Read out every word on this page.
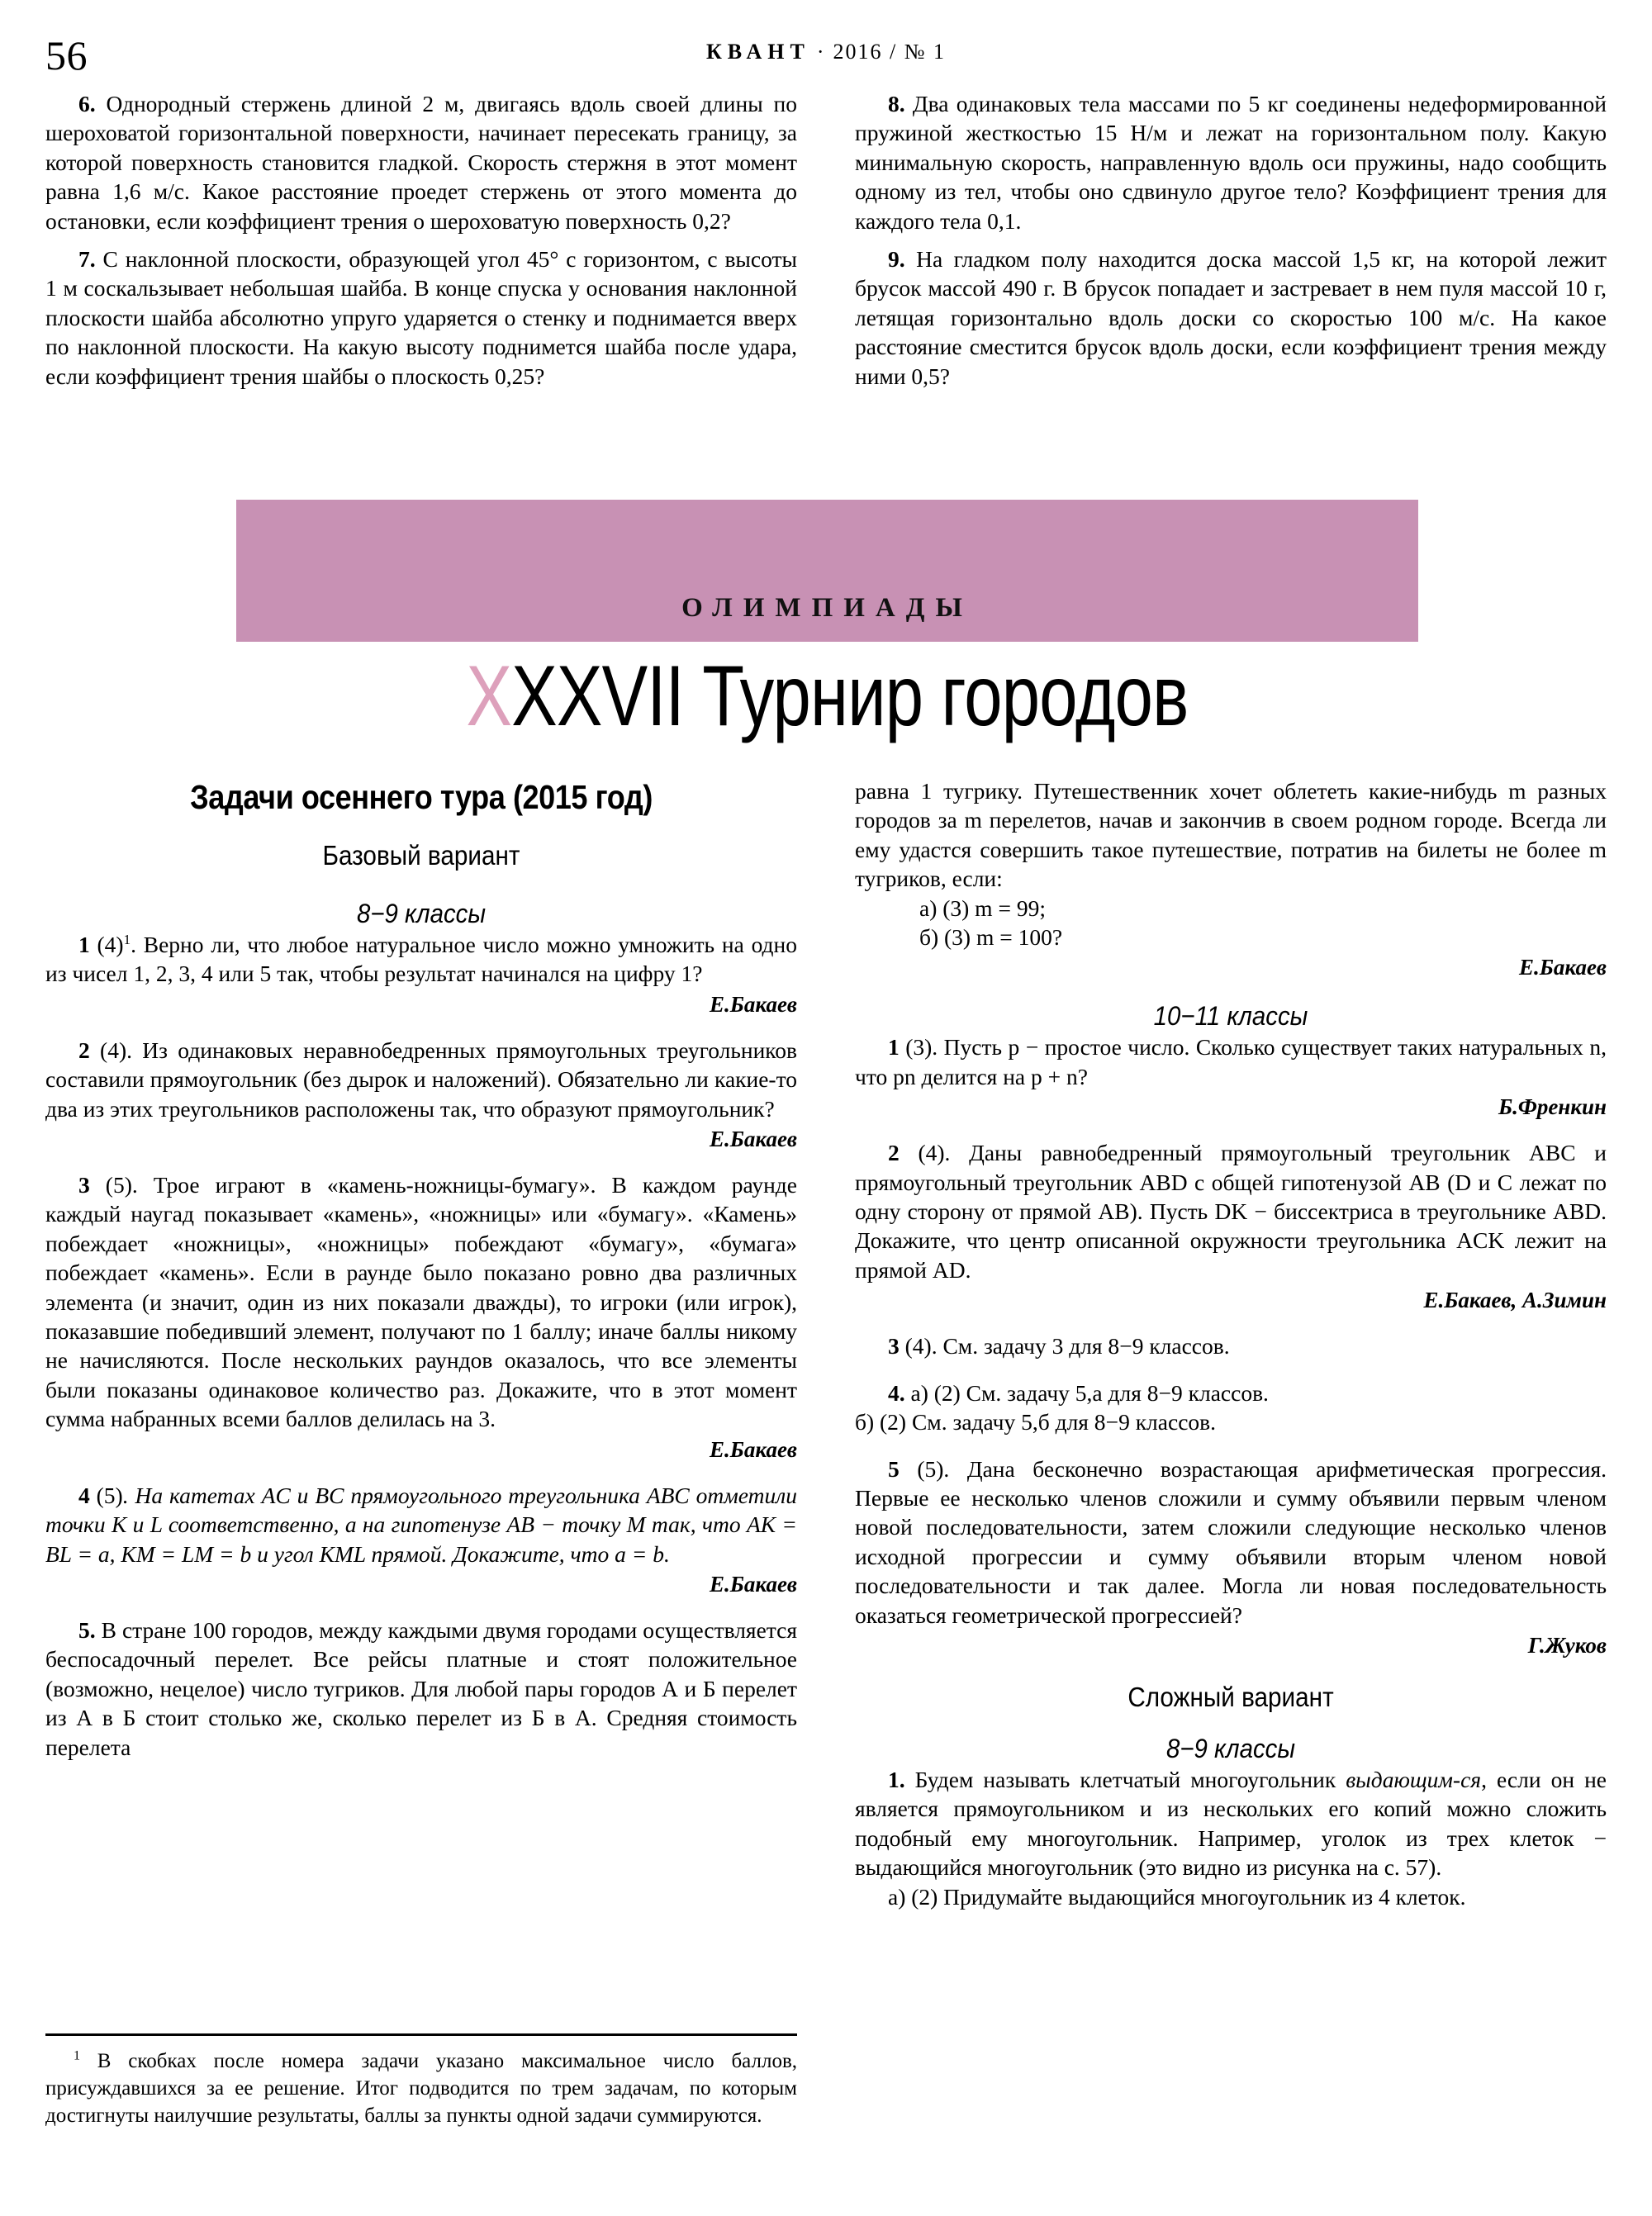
56	КВАНТ · 2016 / № 1

6. Однородный стержень длиной 2 м, двигаясь вдоль своей длины по шероховатой горизонтальной поверхности, начинает пересекать границу, за которой поверхность становится гладкой. Скорость стержня в этот момент равна 1,6 м/с. Какое расстояние проедет стержень от этого момента до остановки, если коэффициент трения о шероховатую поверхность 0,2?

7. С наклонной плоскости, образующей угол 45° с горизонтом, с высоты 1 м соскальзывает небольшая шайба. В конце спуска у основания наклонной плоскости шайба абсолютно упруго ударяется о стенку и поднимается вверх по наклонной плоскости. На какую высоту поднимется шайба после удара, если коэффициент трения шайбы о плоскость 0,25?

8. Два одинаковых тела массами по 5 кг соединены недеформированной пружиной жесткостью 15 Н/м и лежат на горизонтальном полу. Какую минимальную скорость, направленную вдоль оси пружины, надо сообщить одному из тел, чтобы оно сдвинуло другое тело? Коэффициент трения для каждого тела 0,1.

9. На гладком полу находится доска массой 1,5 кг, на которой лежит брусок массой 490 г. В брусок попадает и застревает в нем пуля массой 10 г, летящая горизонтально вдоль доски со скоростью 100 м/с. На какое расстояние сместится брусок вдоль доски, если коэффициент трения между ними 0,5?

ОЛИМПИАДЫ
XXXVII Турнир городов
Задачи осеннего тура (2015 год)
Базовый вариант
8−9 классы

1 (4)$^1$. Верно ли, что любое натуральное число можно умножить на одно из чисел 1, 2, 3, 4 или 5 так, чтобы результат начинался на цифру 1?

Е.Бакаев

2 (4). Из одинаковых неравнобедренных прямоугольных треугольников составили прямоугольник (без дырок и наложений). Обязательно ли какие-то два из этих треугольников расположены так, что образуют прямоугольник?

Е.Бакаев

3 (5). Трое играют в «камень-ножницы-бумагу». В каждом раунде каждый наугад показывает «камень», «ножницы» или «бумагу». «Камень» побеждает «ножницы», «ножницы» побеждают «бумагу», «бумага» побеждает «камень». Если в раунде было показано ровно два различных элемента (и значит, один из них показали дважды), то игроки (или игрок), показавшие победивший элемент, получают по 1 баллу; иначе баллы никому не начисляются. После нескольких раундов оказалось, что все элементы были показаны одинаковое количество раз. Докажите, что в этот момент сумма набранных всеми баллов делилась на 3.

Е.Бакаев

4 (5). На катетах AC и BC прямоугольного треугольника ABC отметили точки K и L соответственно, а на гипотенузе AB − точку M так, что AK = BL = a, KM = LM = b и угол KML прямой. Докажите, что a = b.

Е.Бакаев

5. В стране 100 городов, между каждыми двумя городами осуществляется беспосадочный перелет. Все рейсы платные и стоят положительное (возможно, нецелое) число тугриков. Для любой пары городов А и Б перелет из А в Б стоит столько же, сколько перелет из Б в А. Средняя стоимость перелета

равна 1 тугрику. Путешественник хочет облететь какие-нибудь m разных городов за m перелетов, начав и закончив в своем родном городе. Всегда ли ему удастся совершить такое путешествие, потратив на билеты не более m тугриков, если:

а) (3) m = 99;

б) (3) m = 100?

Е.Бакаев

10−11 классы

1 (3). Пусть p − простое число. Сколько существует таких натуральных n, что pn делится на p + n?

Б.Френкин

2 (4). Даны равнобедренный прямоугольный треугольник ABC и прямоугольный треугольник ABD с общей гипотенузой AB (D и C лежат по одну сторону от прямой AB). Пусть DK − биссектриса в треугольнике ABD. Докажите, что центр описанной окружности треугольника ACK лежит на прямой AD.

Е.Бакаев, А.Зимин

3 (4). См. задачу 3 для 8−9 классов.

4. а) (2) См. задачу 5,а для 8−9 классов.

б) (2) См. задачу 5,б для 8−9 классов.

5 (5). Дана бесконечно возрастающая арифметическая прогрессия. Первые ее несколько членов сложили и сумму объявили первым членом новой последовательности, затем сложили следующие несколько членов исходной прогрессии и сумму объявили вторым членом новой последовательности и так далее. Могла ли новая последовательность оказаться геометрической прогрессией?

Г.Жуков

Сложный вариант
8−9 классы

1. Будем называть клетчатый многоугольник выдающим-ся, если он не является прямоугольником и из нескольких его копий можно сложить подобный ему многоугольник. Например, уголок из трех клеток − выдающийся многоугольник (это видно из рисунка на с. 57).

а) (2) Придумайте выдающийся многоугольник из 4 клеток.

$^1$ В скобках после номера задачи указано максимальное число баллов, присуждавшихся за ее решение. Итог подводится по трем задачам, по которым достигнуты наилучшие результаты, баллы за пункты одной задачи суммируются.
